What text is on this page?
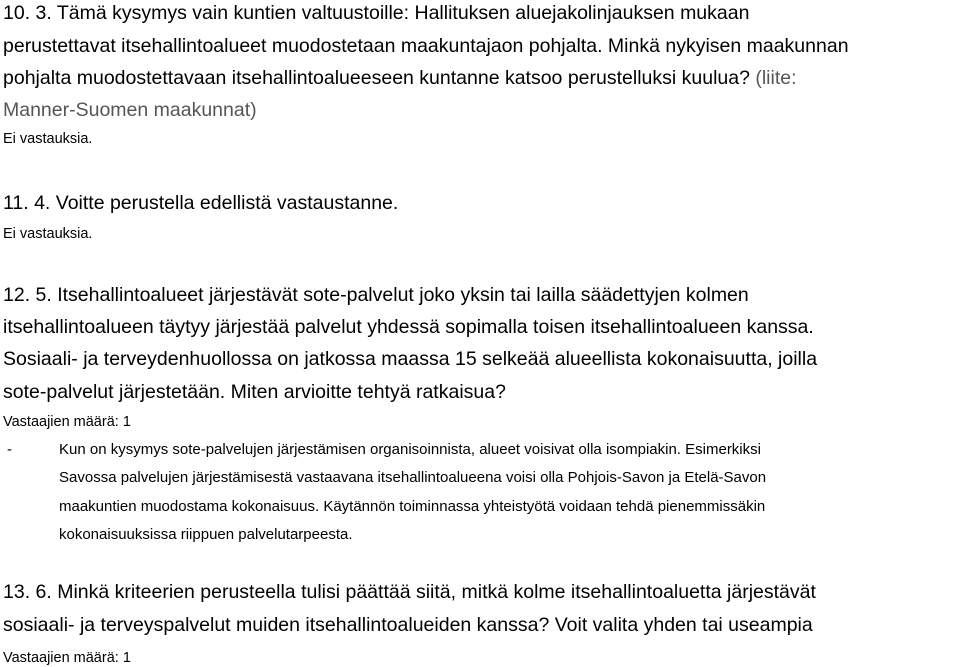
10. 3. Tämä kysymys vain kuntien valtuustoille: Hallituksen aluejakolinjauksen mukaan

perustettavat itsehallintoalueet muodostetaan maakuntajaon pohjalta. Minkä nykyisen maakunnan

pohjalta muodostettavaan itsehallintoalueeseen kuntanne katsoo perustelluksi kuulua? (liite:

Manner-Suomen maakunnat)

Ei vastauksia.

11. 4. Voitte perustella edellistä vastaustanne.

Ei vastauksia.

12. 5. Itsehallintoalueet järjestävät sote-palvelut joko yksin tai lailla säädettyjen kolmen

itsehallintoalueen täytyy järjestää palvelut yhdessä sopimalla toisen itsehallintoalueen kanssa.

Sosiaali- ja terveydenhuollossa on jatkossa maassa 15 selkeää alueellista kokonaisuutta, joilla

sote-palvelut järjestetään. Miten arvioitte tehtyä ratkaisua?

Vastaajien määrä: 1

-	Kun on kysymys sote-palvelujen järjestämisen organisoinnista, alueet voisivat olla isompiakin. Esimerkiksi

Savossa palvelujen järjestämisestä vastaavana itsehallintoalueena voisi olla Pohjois-Savon ja Etelä-Savon

maakuntien muodostama kokonaisuus. Käytännön toiminnassa yhteistyötä voidaan tehdä pienemmissäkin

kokonaisuuksissa riippuen palvelutarpeesta.

13. 6. Minkä kriteerien perusteella tulisi päättää siitä, mitkä kolme itsehallintoaluetta järjestävät

sosiaali- ja terveyspalvelut muiden itsehallintoalueiden kanssa? Voit valita yhden tai useampia

Vastaajien määrä: 1
